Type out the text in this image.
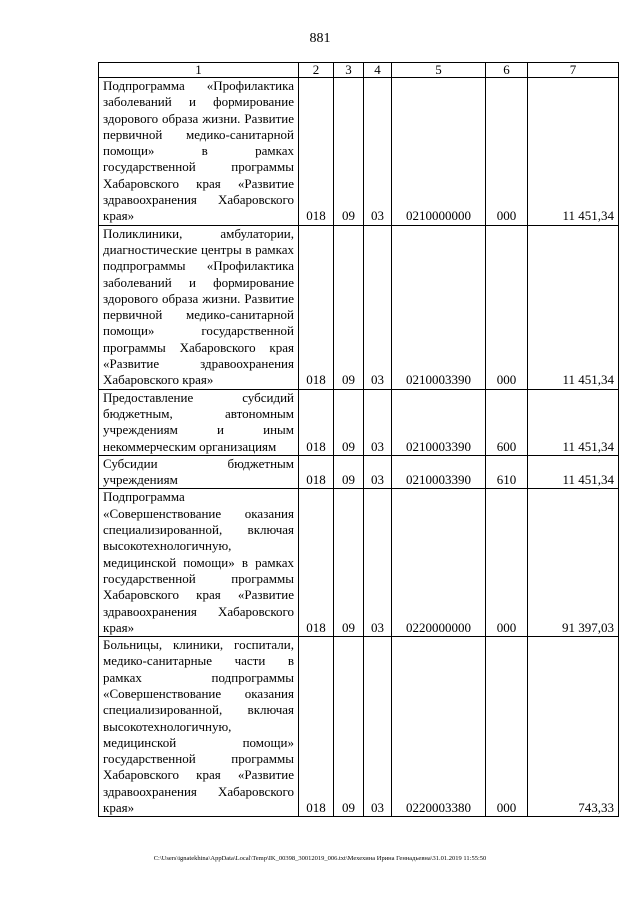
881
1	2	3	4	5	6	7
Подпрограмма «Профилактика заболеваний и формирование здорового образа жизни. Развитие первичной медико-санитарной помощи» в рамках государственной программы Хабаровского края «Развитие здравоохранения Хабаровского края»	018	09	03	0210000000	000	11 451,34
Поликлиники, амбулатории, диагностические центры в рамках подпрограммы «Профилактика заболеваний и формирование здорового образа жизни. Развитие первичной медико-санитарной помощи» государственной программы Хабаровского края «Развитие здравоохранения Хабаровского края»	018	09	03	0210003390	000	11 451,34
Предоставление субсидий бюджетным, автономным учреждениям и иным некоммерческим организациям	018	09	03	0210003390	600	11 451,34
Субсидии бюджетным учреждениям	018	09	03	0210003390	610	11 451,34
Подпрограмма «Совершенствование оказания специализированной, включая высокотехнологичную, медицинской помощи» в рамках государственной программы Хабаровского края «Развитие здравоохранения Хабаровского края»	018	09	03	0220000000	000	91 397,03
Больницы, клиники, госпитали, медико-санитарные части в рамках подпрограммы «Совершенствование оказания специализированной, включая высокотехнологичную, медицинской помощи» государственной программы Хабаровского края «Развитие здравоохранения Хабаровского края»	018	09	03	0220003380	000	743,33
C:\Users\ignatekhina\AppData\Local\Temp\IK_00398_30012019_006.txt\Мехехина Ирина Геннадьевна\31.01.2019 11:55:50
